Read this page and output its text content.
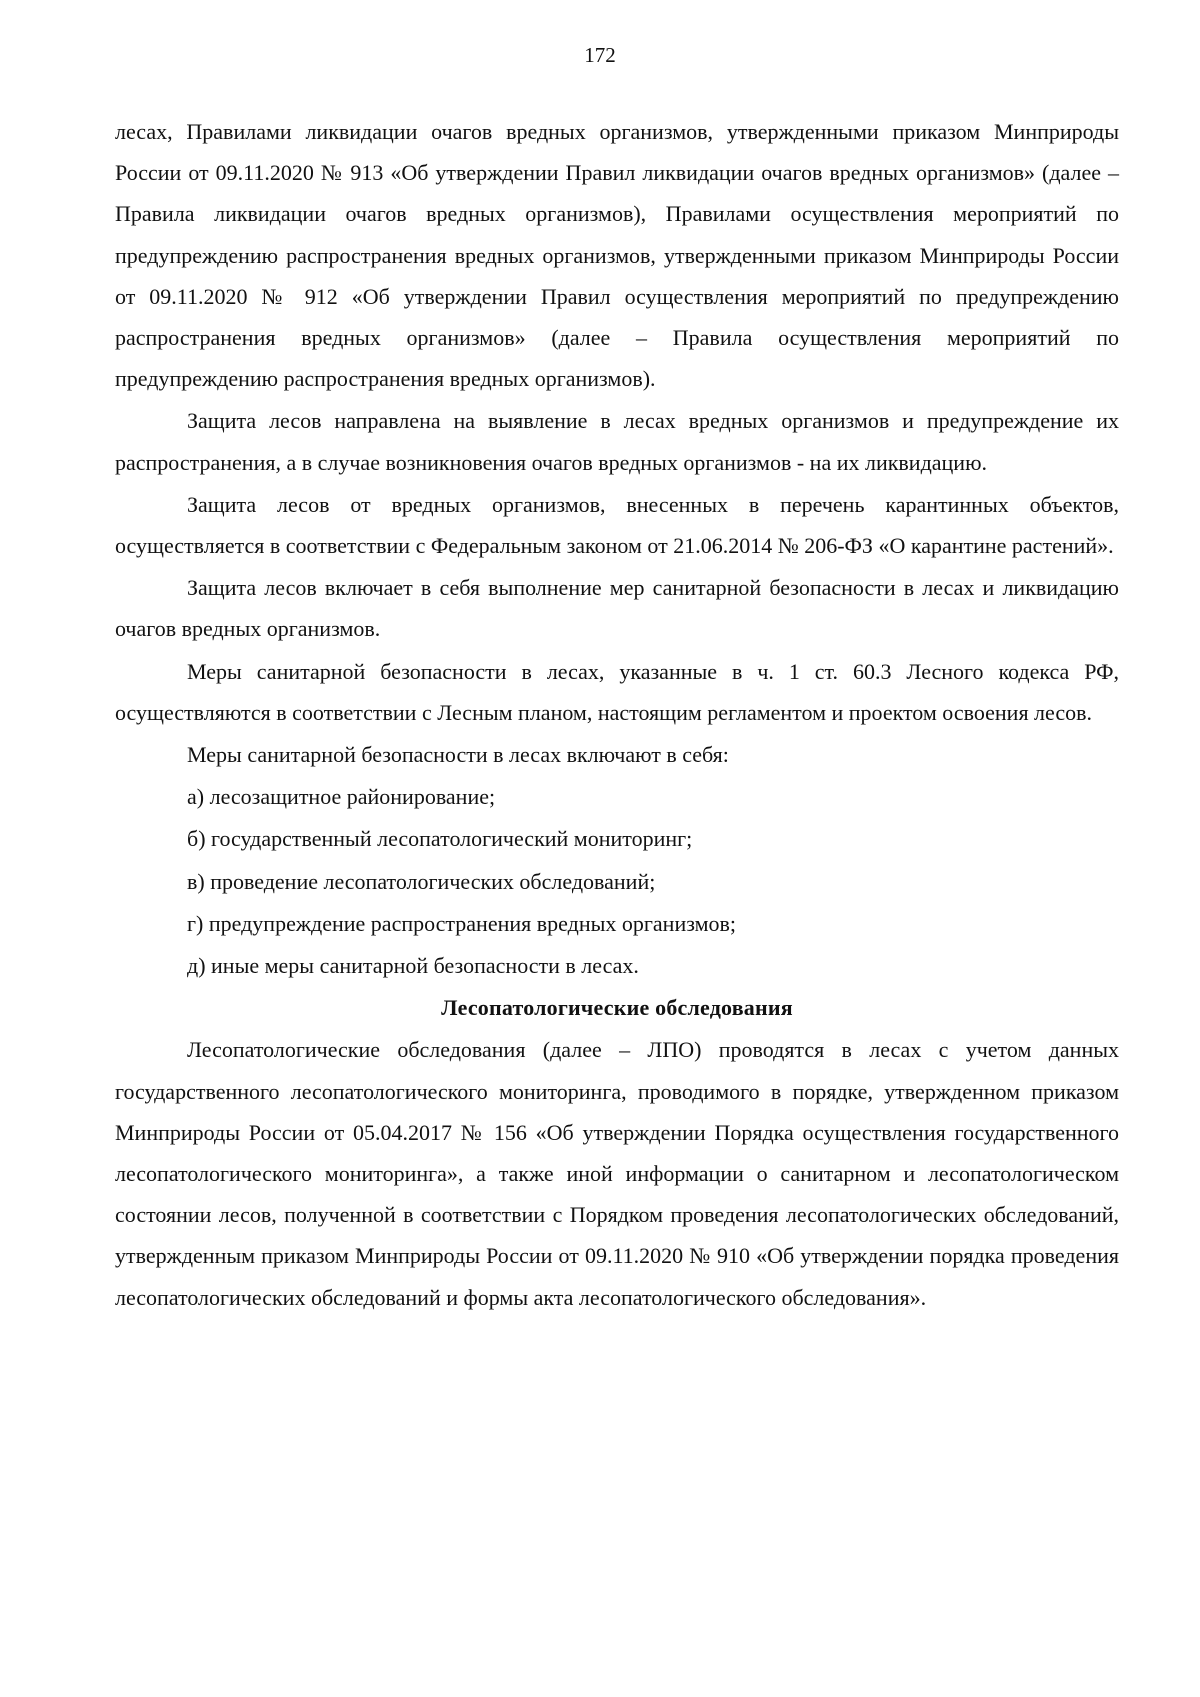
172

лесах, Правилами ликвидации очагов вредных организмов, утвержденными приказом Минприроды России от 09.11.2020 № 913 «Об утверждении Правил ликвидации очагов вредных организмов» (далее – Правила ликвидации очагов вредных организмов), Правилами осуществления мероприятий по предупреждению распространения вредных организмов, утвержденными приказом Минприроды России от 09.11.2020 № 912 «Об утверждении Правил осуществления мероприятий по предупреждению распространения вредных организмов» (далее – Правила осуществления мероприятий по предупреждению распространения вредных организмов).

Защита лесов направлена на выявление в лесах вредных организмов и предупреждение их распространения, а в случае возникновения очагов вредных организмов - на их ликвидацию.

Защита лесов от вредных организмов, внесенных в перечень карантинных объектов, осуществляется в соответствии с Федеральным законом от 21.06.2014 № 206-ФЗ «О карантине растений».

Защита лесов включает в себя выполнение мер санитарной безопасности в лесах и ликвидацию очагов вредных организмов.

Меры санитарной безопасности в лесах, указанные в ч. 1 ст. 60.3 Лесного кодекса РФ, осуществляются в соответствии с Лесным планом, настоящим регламентом и проектом освоения лесов.

Меры санитарной безопасности в лесах включают в себя:

а) лесозащитное районирование;

б) государственный лесопатологический мониторинг;

в) проведение лесопатологических обследований;

г) предупреждение распространения вредных организмов;

д) иные меры санитарной безопасности в лесах.

Лесопатологические обследования

Лесопатологические обследования (далее – ЛПО) проводятся в лесах с учетом данных государственного лесопатологического мониторинга, проводимого в порядке, утвержденном приказом Минприроды России от 05.04.2017 № 156 «Об утверждении Порядка осуществления государственного лесопатологического мониторинга», а также иной информации о санитарном и лесопатологическом состоянии лесов, полученной в соответствии с Порядком проведения лесопатологических обследований, утвержденным приказом Минприроды России от 09.11.2020 № 910 «Об утверждении порядка проведения лесопатологических обследований и формы акта лесопатологического обследования».
